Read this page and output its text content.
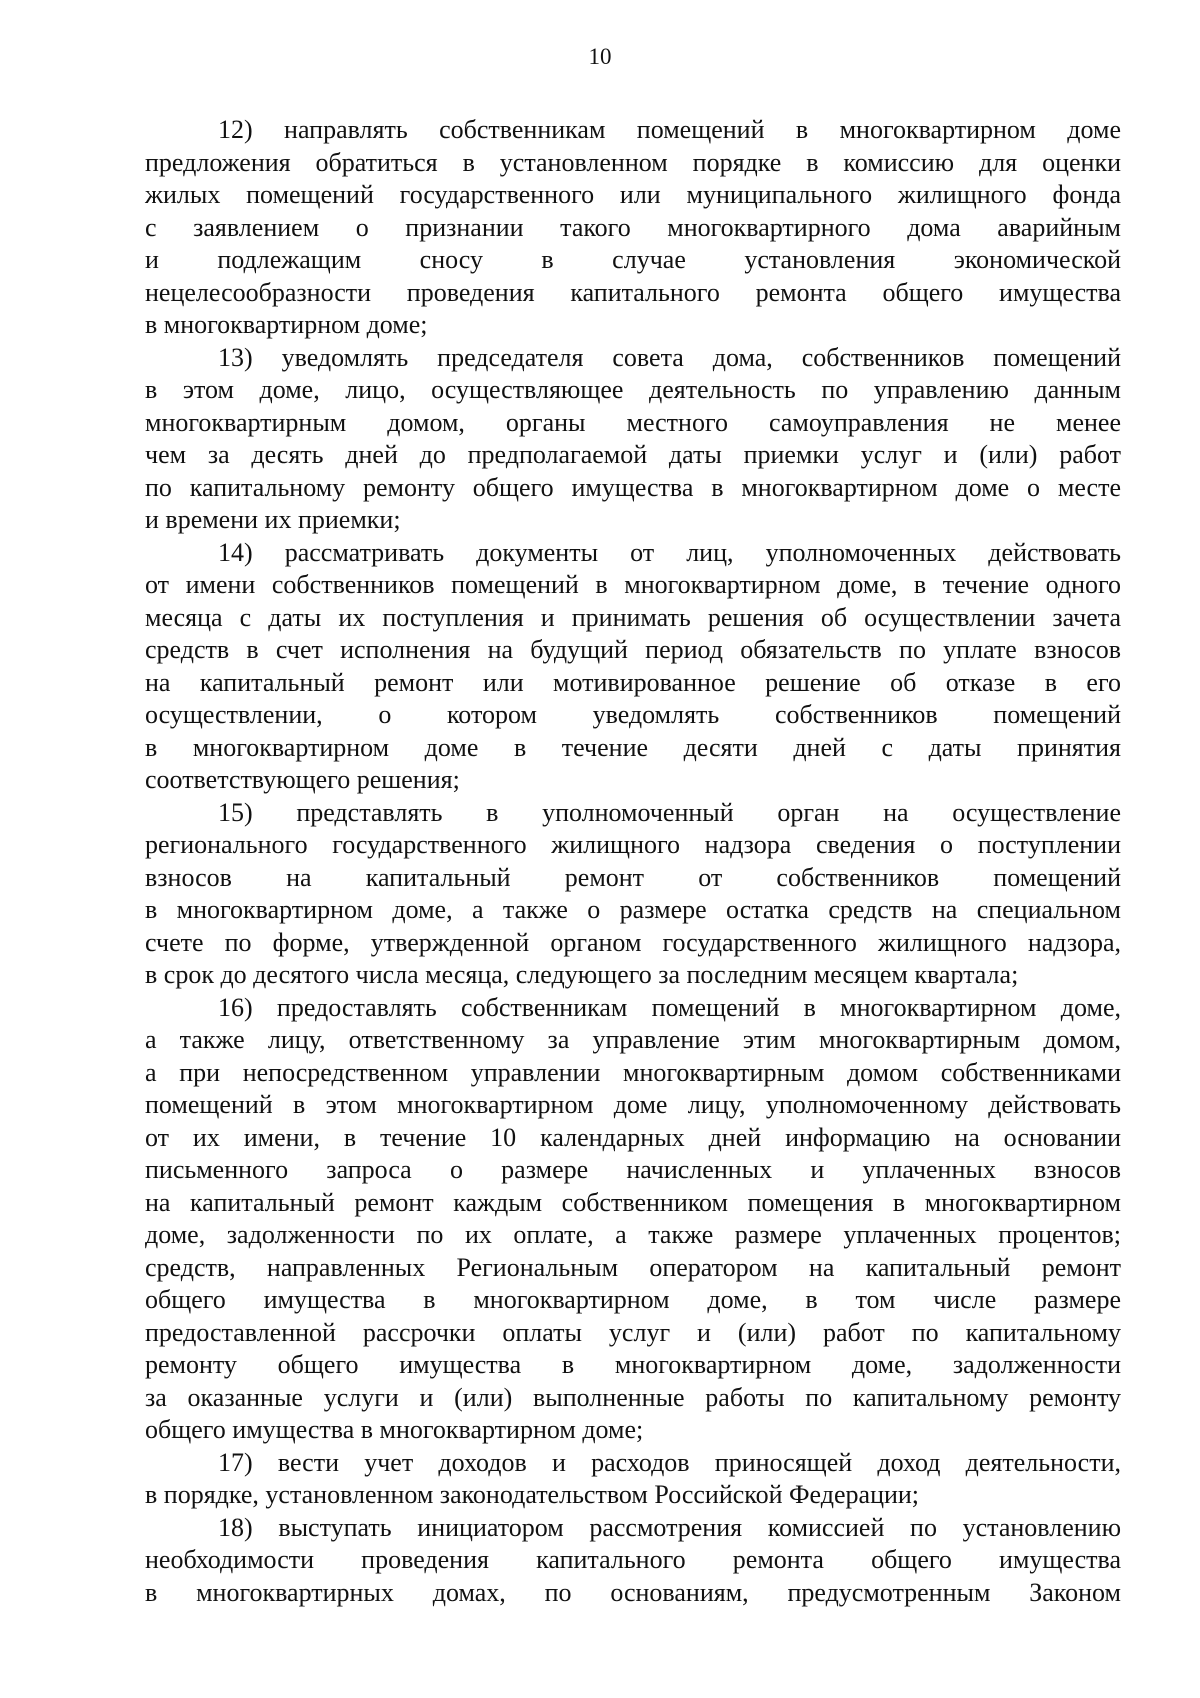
10
12) направлять собственникам помещений в многоквартирном доме
предложения обратиться в установленном порядке в комиссию для оценки
жилых помещений государственного или муниципального жилищного фонда
с заявлением о признании такого многоквартирного дома аварийным
и подлежащим сносу в случае установления экономической
нецелесообразности проведения капитального ремонта общего имущества
в многоквартирном доме;
13) уведомлять председателя совета дома, собственников помещений
в этом доме, лицо, осуществляющее деятельность по управлению данным
многоквартирным домом, органы местного самоуправления не менее
чем за десять дней до предполагаемой даты приемки услуг и (или) работ
по капитальному ремонту общего имущества в многоквартирном доме о месте
и времени их приемки;
14) рассматривать документы от лиц, уполномоченных действовать
от имени собственников помещений в многоквартирном доме, в течение одного
месяца с даты их поступления и принимать решения об осуществлении зачета
средств в счет исполнения на будущий период обязательств по уплате взносов
на капитальный ремонт или мотивированное решение об отказе в его
осуществлении, о котором уведомлять собственников помещений
в многоквартирном доме в течение десяти дней с даты принятия
соответствующего решения;
15) представлять в уполномоченный орган на осуществление
регионального государственного жилищного надзора сведения о поступлении
взносов на капитальный ремонт от собственников помещений
в многоквартирном доме, а также о размере остатка средств на специальном
счете по форме, утвержденной органом государственного жилищного надзора,
в срок до десятого числа месяца, следующего за последним месяцем квартала;
16) предоставлять собственникам помещений в многоквартирном доме,
а также лицу, ответственному за управление этим многоквартирным домом,
а при непосредственном управлении многоквартирным домом собственниками
помещений в этом многоквартирном доме лицу, уполномоченному действовать
от их имени, в течение 10 календарных дней информацию на основании
письменного запроса о размере начисленных и уплаченных взносов
на капитальный ремонт каждым собственником помещения в многоквартирном
доме, задолженности по их оплате, а также размере уплаченных процентов;
средств, направленных Региональным оператором на капитальный ремонт
общего имущества в многоквартирном доме, в том числе размере
предоставленной рассрочки оплаты услуг и (или) работ по капитальному
ремонту общего имущества в многоквартирном доме, задолженности
за оказанные услуги и (или) выполненные работы по капитальному ремонту
общего имущества в многоквартирном доме;
17) вести учет доходов и расходов приносящей доход деятельности,
в порядке, установленном законодательством Российской Федерации;
18) выступать инициатором рассмотрения комиссией по установлению
необходимости проведения капитального ремонта общего имущества
в многоквартирных домах, по основаниям, предусмотренным Законом
